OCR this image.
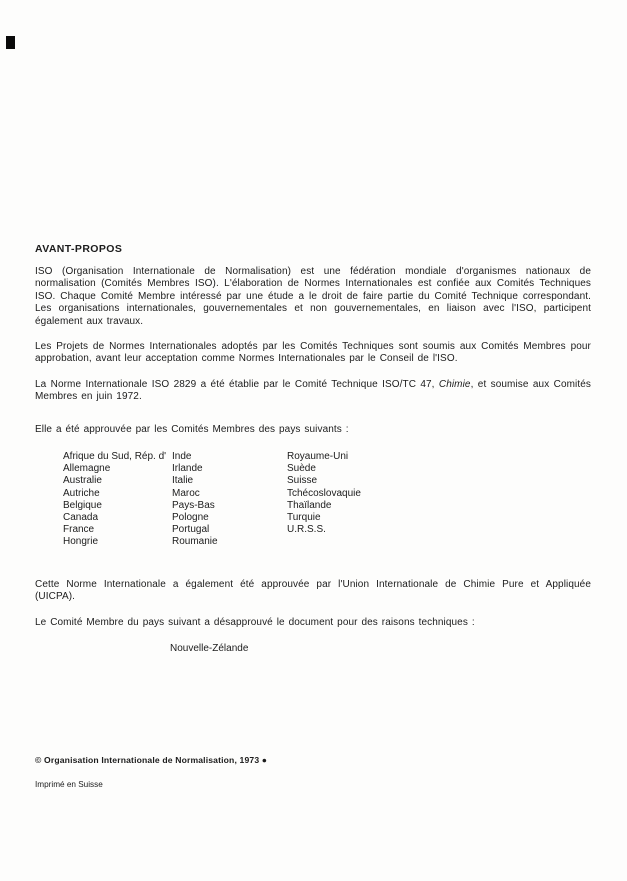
AVANT-PROPOS

ISO (Organisation Internationale de Normalisation) est une fédération mondiale d'organismes nationaux de normalisation (Comités Membres ISO). L'élaboration de Normes Internationales est confiée aux Comités Techniques ISO. Chaque Comité Membre intéressé par une étude a le droit de faire partie du Comité Technique correspondant. Les organisations internationales, gouvernementales et non gouvernementales, en liaison avec l'ISO, participent également aux travaux.

Les Projets de Normes Internationales adoptés par les Comités Techniques sont soumis aux Comités Membres pour approbation, avant leur acceptation comme Normes Internationales par le Conseil de l'ISO.

La Norme Internationale ISO 2829 a été établie par le Comité Technique ISO/TC 47, Chimie, et soumise aux Comités Membres en juin 1972.

Elle a été approuvée par les Comités Membres des pays suivants :

Afrique du Sud, Rép. d'
Allemagne
Australie
Autriche
Belgique
Canada
France
Hongrie
Inde
Irlande
Italie
Maroc
Pays-Bas
Pologne
Portugal
Roumanie
Royaume-Uni
Suède
Suisse
Tchécoslovaquie
Thaïlande
Turquie
U.R.S.S.

Cette Norme Internationale a également été approuvée par l'Union Internationale de Chimie Pure et Appliquée (UICPA).

Le Comité Membre du pays suivant a désapprouvé le document pour des raisons techniques :

Nouvelle-Zélande

© Organisation Internationale de Normalisation, 1973 ●

Imprimé en Suisse
